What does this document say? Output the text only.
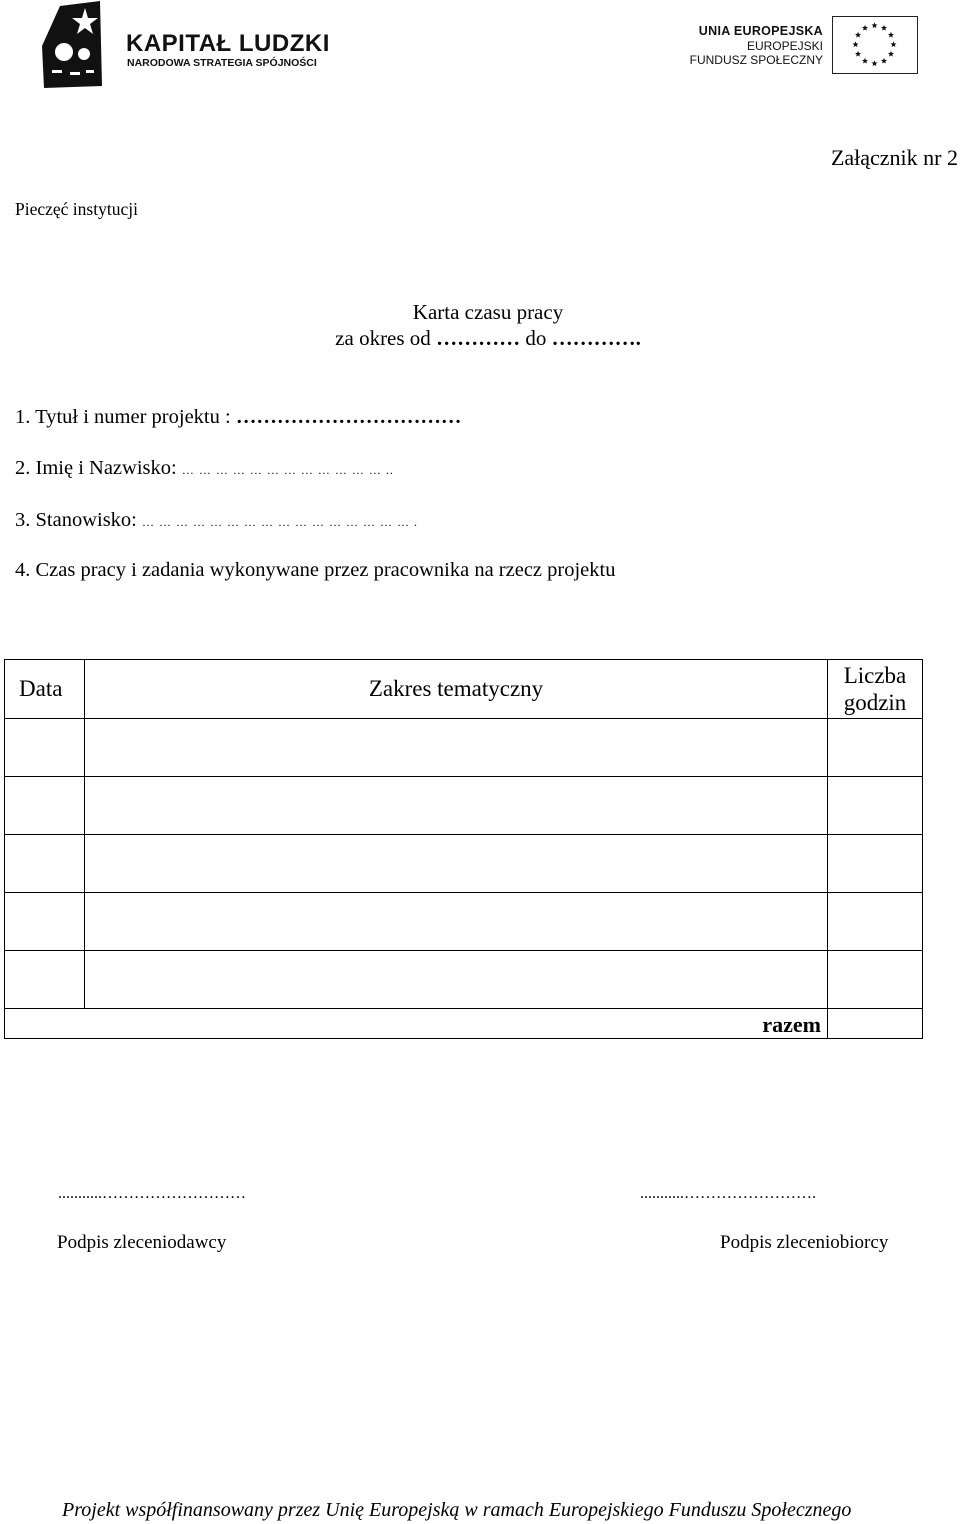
KAPITAŁ LUDZKI
NARODOWA STRATEGIA SPÓJNOŚCI
UNIA EUROPEJSKA
EUROPEJSKI
FUNDUSZ SPOŁECZNY
Załącznik nr 2
Pieczęć instytucji
Karta czasu pracy
za okres od ………… do ………….
1. Tytuł i numer projektu : ……………………………
2. Imię i Nazwisko: … … … … … … … … … … … … ..
3. Stanowisko: … … … … … … … … … … … … … … … … .
4. Czas pracy i zadania wykonywane przez pracownika na rzecz projektu
Data	Zakres tematyczny	Liczba
godzin

razem		
...........………………………	...........…………………….
Podpis zleceniodawcy	Podpis zleceniobiorcy
Projekt współfinansowany przez Unię Europejską w ramach Europejskiego Funduszu Społecznego
